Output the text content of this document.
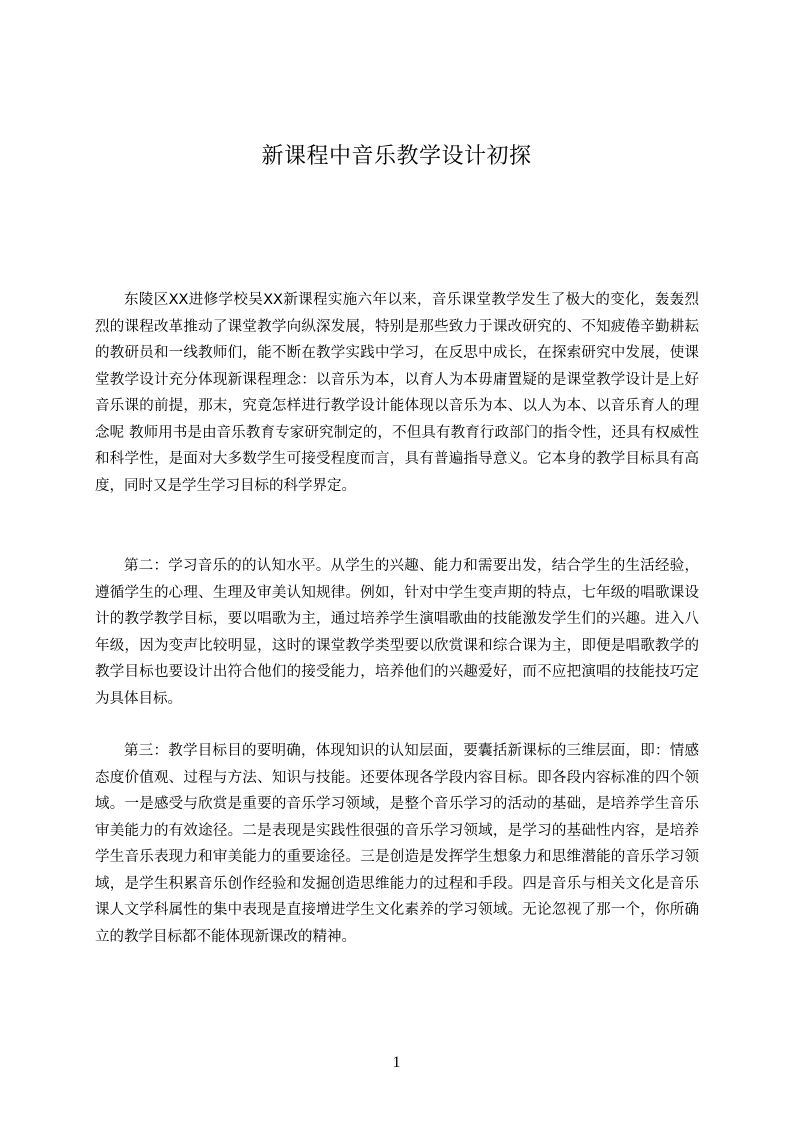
新课程中音乐教学设计初探

东陵区XX进修学校吴XX新课程实施六年以来，音乐课堂教学发生了极大的变化，轰轰烈烈的课程改革推动了课堂教学向纵深发展，特别是那些致力于课改研究的、不知疲倦辛勤耕耘的教研员和一线教师们，能不断在教学实践中学习，在反思中成长，在探索研究中发展，使课堂教学设计充分体现新课程理念：以音乐为本，以育人为本毋庸置疑的是课堂教学设计是上好音乐课的前提，那末，究竟怎样进行教学设计能体现以音乐为本、以人为本、以音乐育人的理念呢 教师用书是由音乐教育专家研究制定的，不但具有教育行政部门的指令性，还具有权威性和科学性，是面对大多数学生可接受程度而言，具有普遍指导意义。它本身的教学目标具有高度，同时又是学生学习目标的科学界定。

第二：学习音乐的的认知水平。从学生的兴趣、能力和需要出发，结合学生的生活经验，遵循学生的心理、生理及审美认知规律。例如，针对中学生变声期的特点，七年级的唱歌课设计的教学教学目标，要以唱歌为主，通过培养学生演唱歌曲的技能激发学生们的兴趣。进入八年级，因为变声比较明显，这时的课堂教学类型要以欣赏课和综合课为主，即便是唱歌教学的教学目标也要设计出符合他们的接受能力，培养他们的兴趣爱好，而不应把演唱的技能技巧定为具体目标。

第三：教学目标目的要明确，体现知识的认知层面，要囊括新课标的三维层面，即：情感态度价值观、过程与方法、知识与技能。还要体现各学段内容目标。即各段内容标准的四个领域。一是感受与欣赏是重要的音乐学习领域，是整个音乐学习的活动的基础，是培养学生音乐审美能力的有效途径。二是表现是实践性很强的音乐学习领域，是学习的基础性内容，是培养学生音乐表现力和审美能力的重要途径。三是创造是发挥学生想象力和思维潜能的音乐学习领域，是学生积累音乐创作经验和发掘创造思维能力的过程和手段。四是音乐与相关文化是音乐课人文学科属性的集中表现是直接增进学生文化素养的学习领域。无论忽视了那一个，你所确立的教学目标都不能体现新课改的精神。

1
